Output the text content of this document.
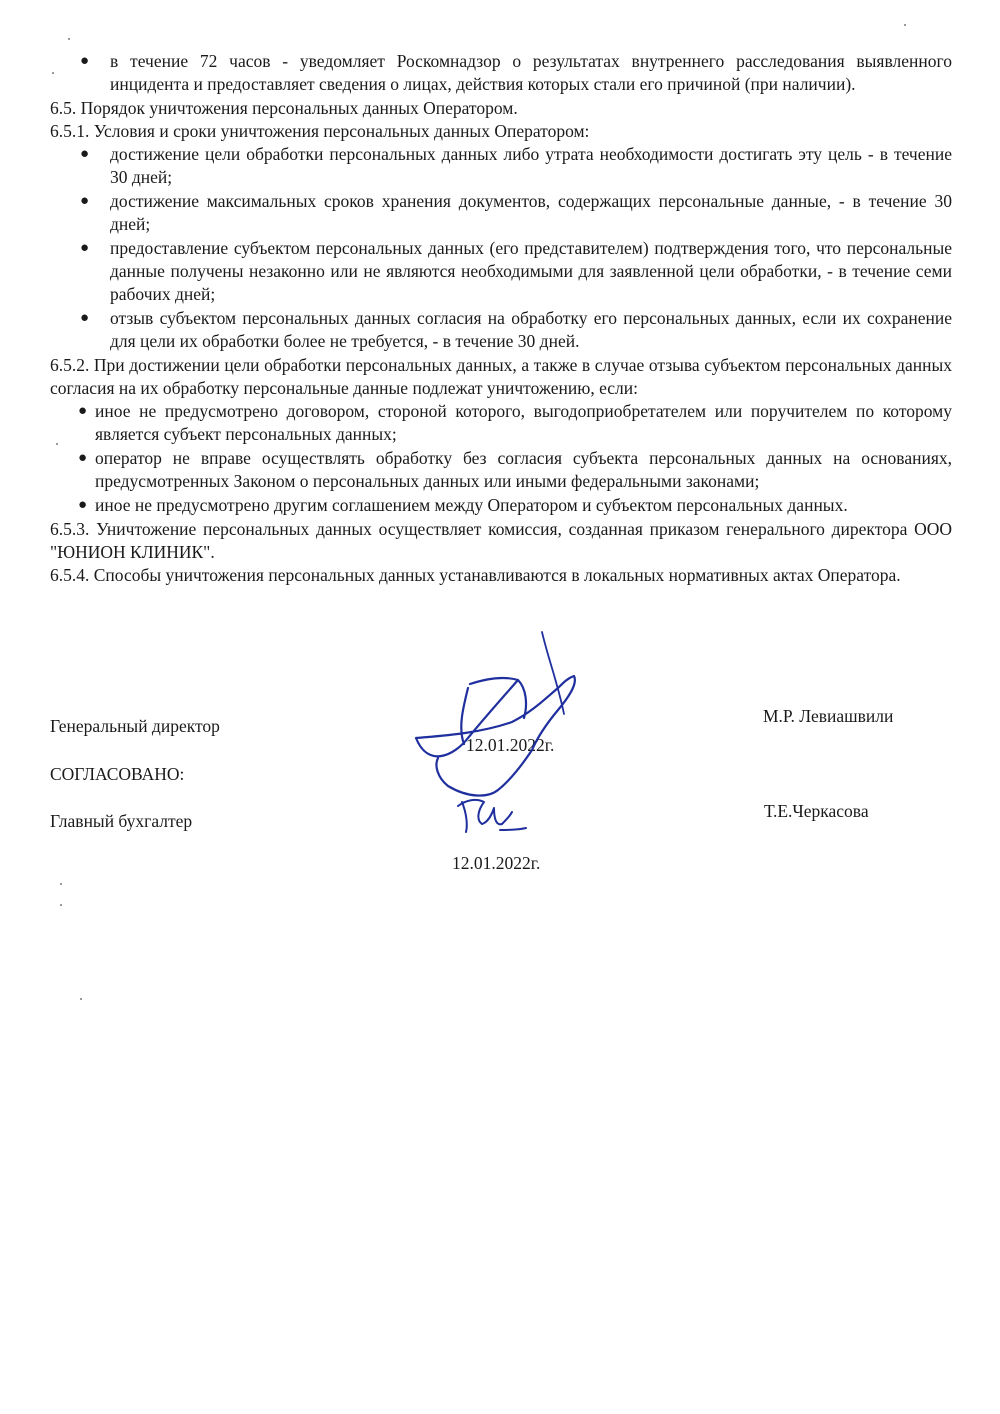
● в течение 72 часов - уведомляет Роскомнадзор о результатах внутреннего расследования выявленного инцидента и предоставляет сведения о лицах, действия которых стали его причиной (при наличии).

6.5. Порядок уничтожения персональных данных Оператором.

6.5.1. Условия и сроки уничтожения персональных данных Оператором:

● достижение цели обработки персональных данных либо утрата необходимости достигать эту цель - в течение 30 дней;
● достижение максимальных сроков хранения документов, содержащих персональные данные, - в течение 30 дней;
● предоставление субъектом персональных данных (его представителем) подтверждения того, что персональные данные получены незаконно или не являются необходимыми для заявленной цели обработки, - в течение семи рабочих дней;
● отзыв субъектом персональных данных согласия на обработку его персональных данных, если их сохранение для цели их обработки более не требуется, - в течение 30 дней.

6.5.2. При достижении цели обработки персональных данных, а также в случае отзыва субъектом персональных данных согласия на их обработку персональные данные подлежат уничтожению, если:

● иное не предусмотрено договором, стороной которого, выгодоприобретателем или поручителем по которому является субъект персональных данных;
● оператор не вправе осуществлять обработку без согласия субъекта персональных данных на основаниях, предусмотренных Законом о персональных данных или иными федеральными законами;
● иное не предусмотрено другим соглашением между Оператором и субъектом персональных данных.

6.5.3. Уничтожение персональных данных осуществляет комиссия, созданная приказом генерального директора ООО "ЮНИОН КЛИНИК".

6.5.4. Способы уничтожения персональных данных устанавливаются в локальных нормативных актах Оператора.

Генеральный директор	М.Р. Левиашвили
12.01.2022г.
СОГЛАСОВАНО:
Главный бухгалтер	Т.Е.Черкасова
12.01.2022г.
